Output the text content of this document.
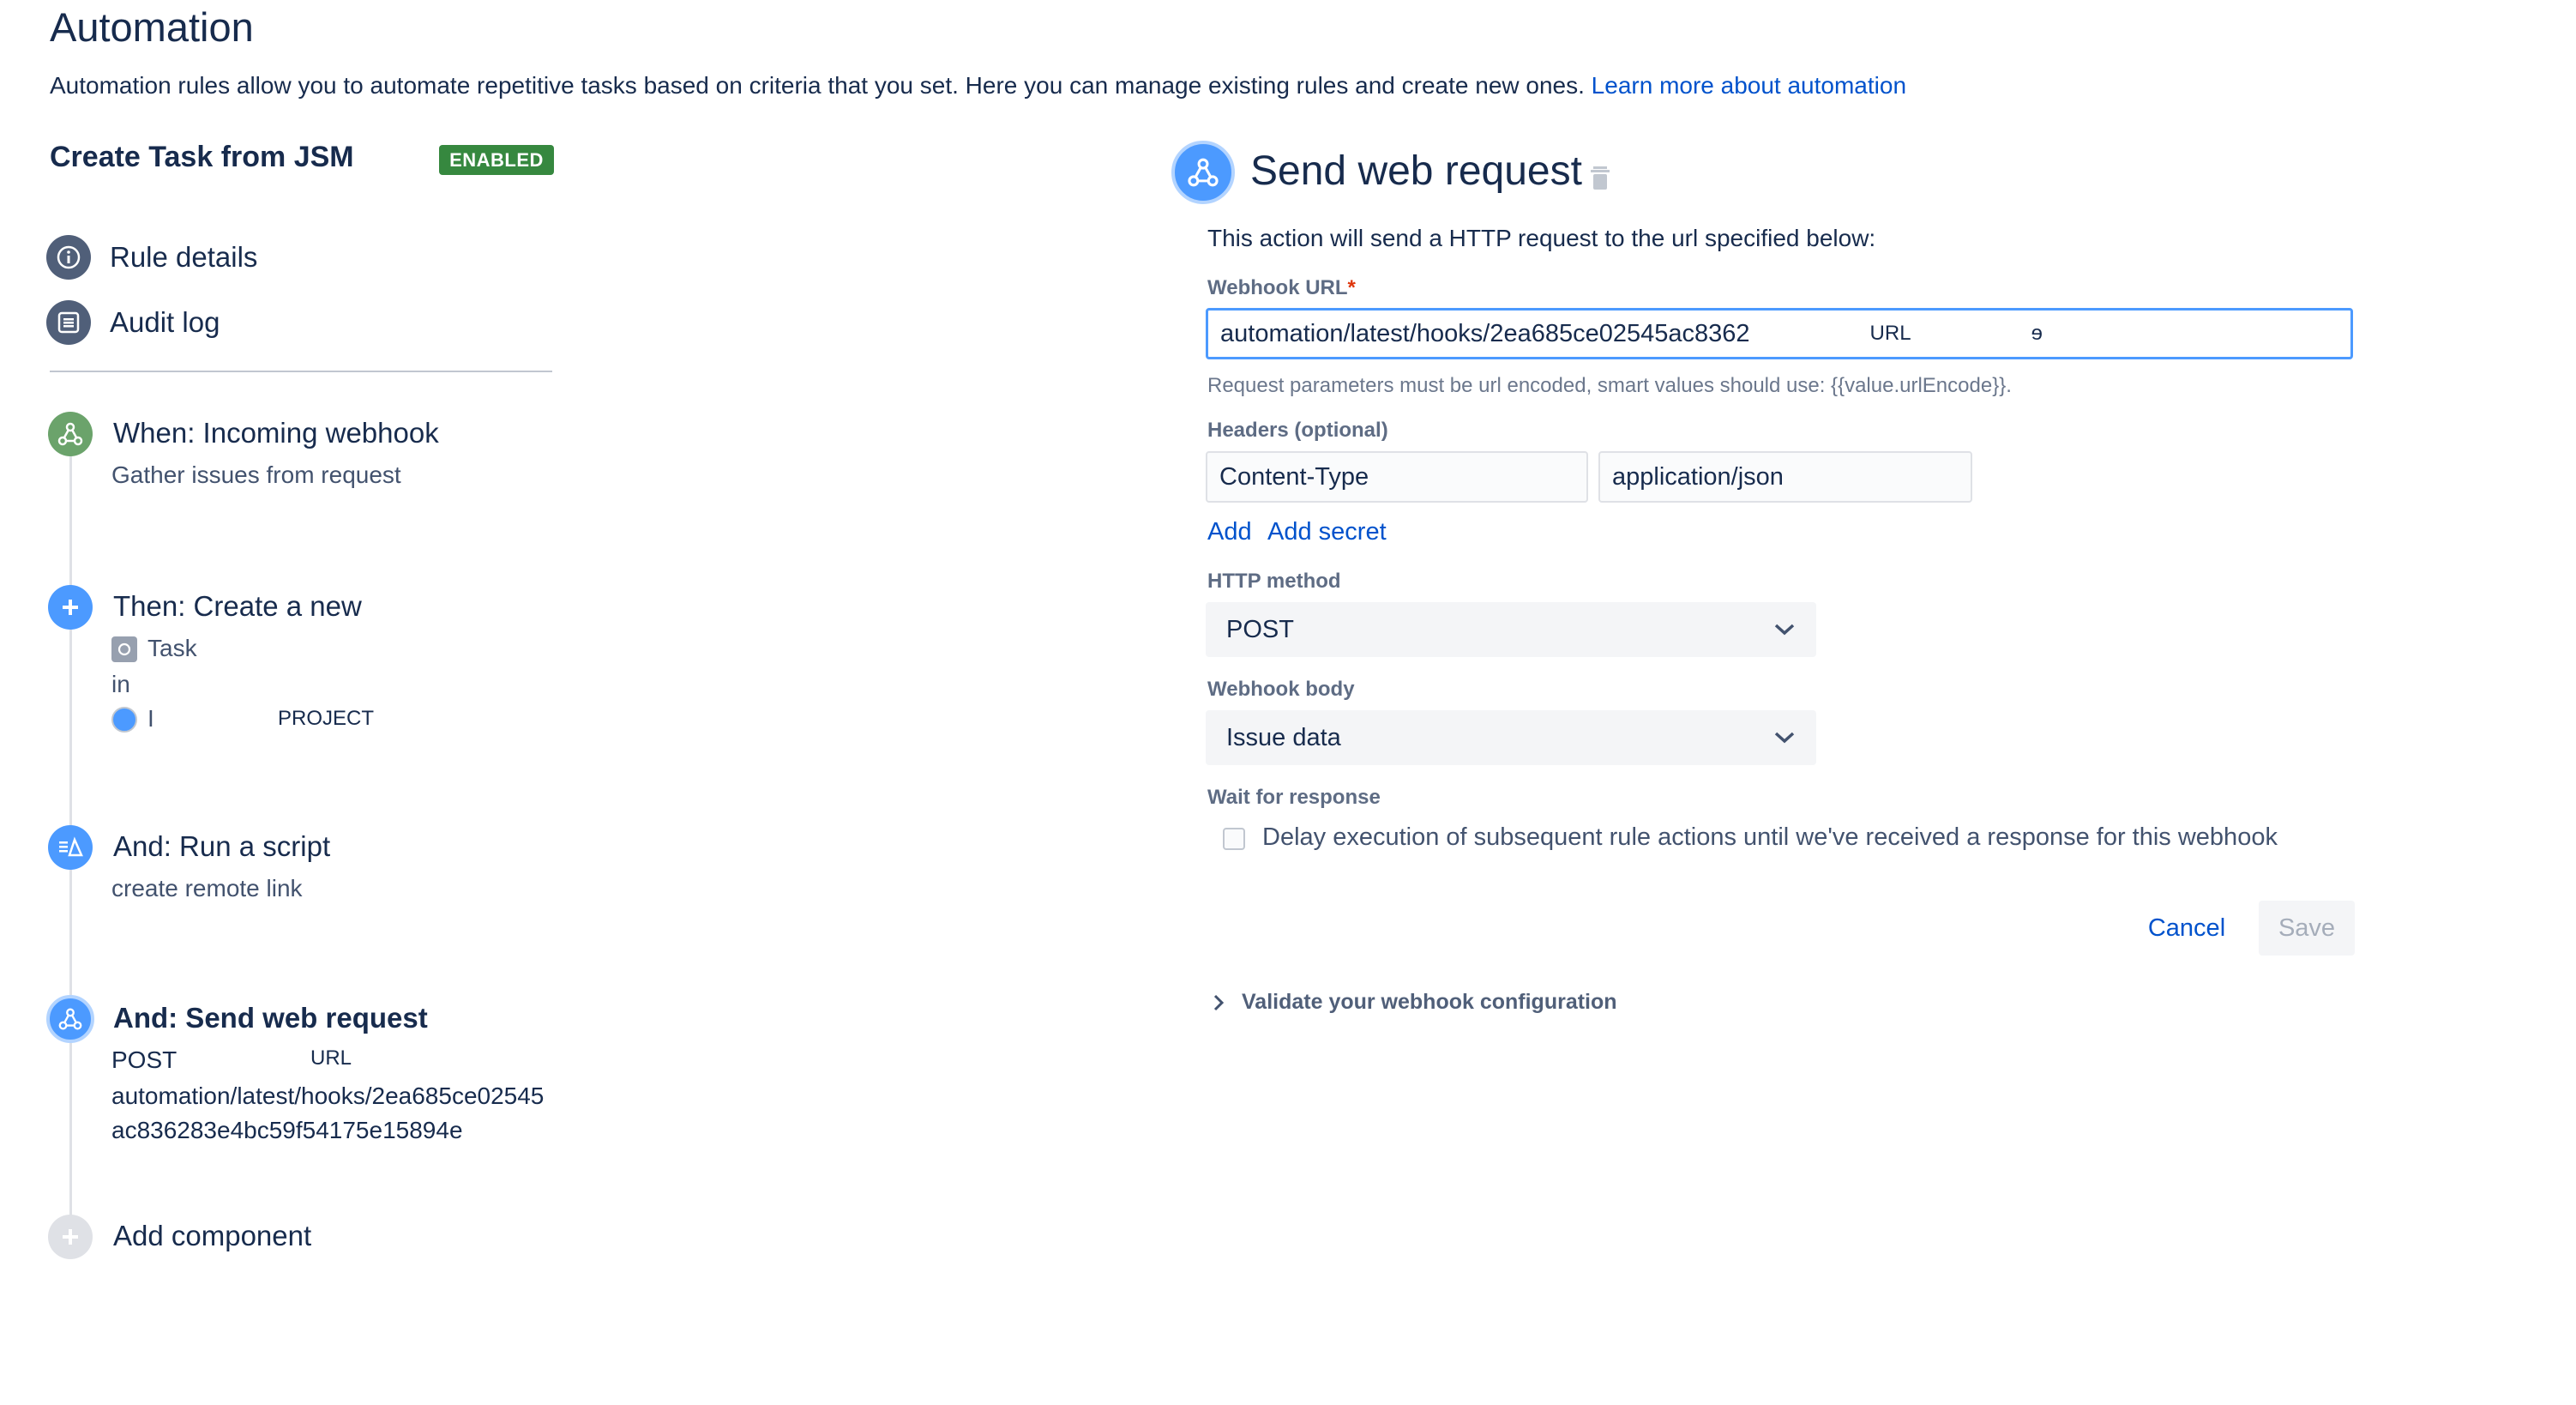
Automation
Automation rules allow you to automate repetitive tasks based on criteria that you set. Here you can manage existing rules and create new ones. Learn more about automation
Create Task from JSM	ENABLED
Rule details
Audit log
When: Incoming webhook
Gather issues from request
Then: Create a new
Task
in
I	PROJECT
And: Run a script
create remote link
And: Send web request
POST	URL
automation/latest/hooks/2ea685ce02545
ac836283e4bc59f54175e15894e
Add component
Send web request
This action will send a HTTP request to the url specified below:
Webhook URL*
automation/latest/hooks/2ea685ce02545ac8362	URL	ɘ
Request parameters must be url encoded, smart values should use: {{value.urlEncode}}.
Headers (optional)
Content-Type	application/json
Add Add secret
HTTP method
POST
Webhook body
Issue data
Wait for response
Delay execution of subsequent rule actions until we've received a response for this webhook
Cancel	Save
Validate your webhook configuration
